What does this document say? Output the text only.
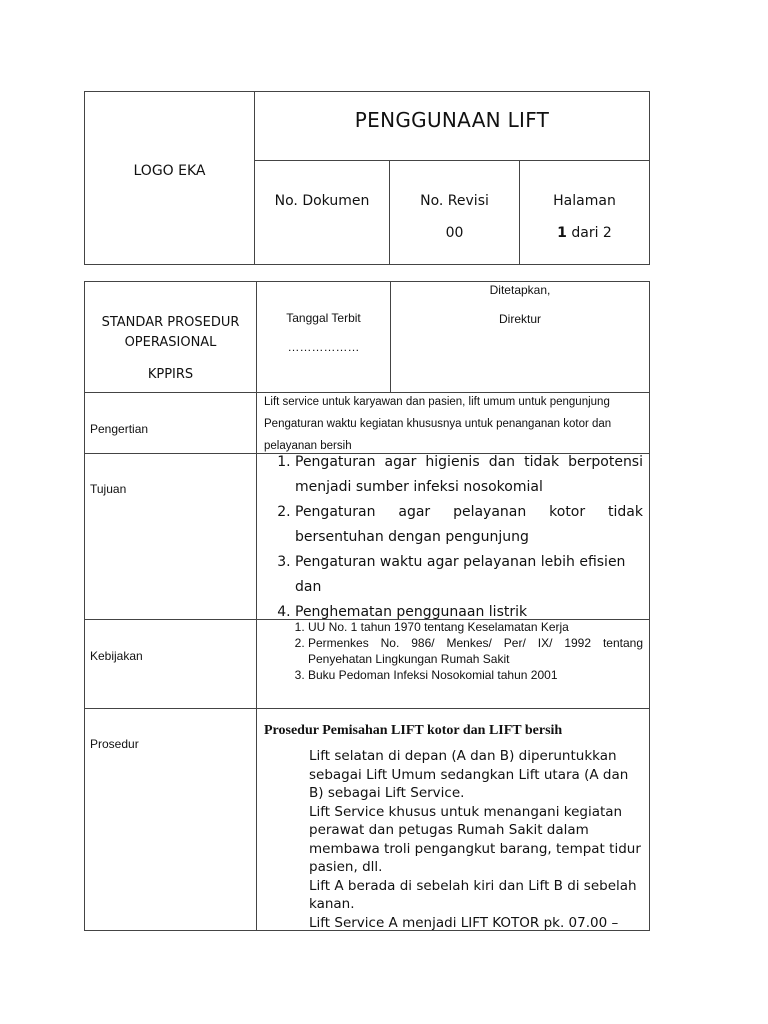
LOGO EKA
PENGGUNAAN LIFT
No. Dokumen	No. Revisi
00
Halaman
1 dari 2
STANDAR PROSEDUR
OPERASIONAL
KPPIRS
Tanggal Terbit
………………
Ditetapkan,
Direktur
Pengertian
Lift service untuk karyawan dan pasien, lift umum untuk pengunjung
Pengaturan waktu kegiatan khususnya untuk penanganan kotor dan
pelayanan bersih
Tujuan
1. Pengaturan agar higienis dan tidak berpotensi menjadi sumber infeksi nosokomial
2. Pengaturan agar pelayanan kotor tidak bersentuhan dengan pengunjung
3. Pengaturan waktu agar pelayanan lebih efisien dan
4. Penghematan penggunaan listrik
Kebijakan
1. UU No. 1 tahun 1970 tentang Keselamatan Kerja
2. Permenkes No. 986/ Menkes/ Per/ IX/ 1992 tentang Penyehatan Lingkungan Rumah Sakit
3. Buku Pedoman Infeksi Nosokomial tahun 2001
Prosedur
Prosedur Pemisahan LIFT kotor dan LIFT bersih
1. Lift selatan di depan (A dan B) diperuntukkan sebagai Lift Umum sedangkan Lift utara (A dan B) sebagai Lift Service.
2. Lift Service khusus untuk menangani kegiatan perawat dan petugas Rumah Sakit dalam membawa troli pengangkut barang, tempat tidur pasien, dll.
3. Lift A berada di sebelah kiri dan Lift B di sebelah kanan.
4. Lift Service A menjadi LIFT KOTOR pk. 07.00 –
